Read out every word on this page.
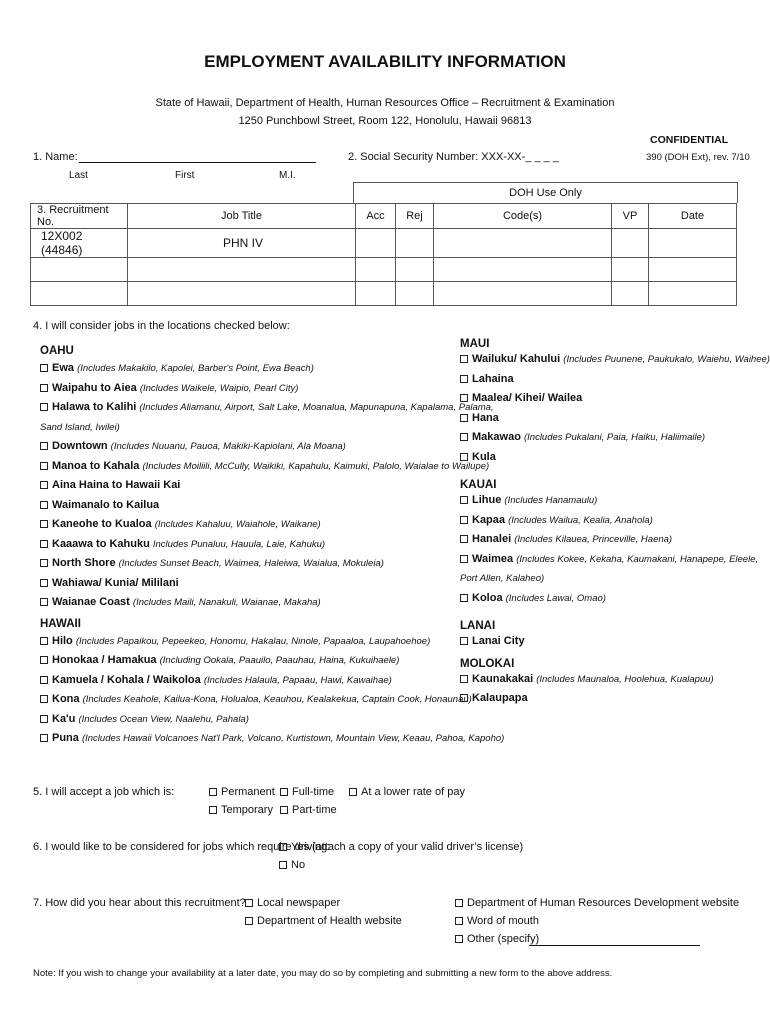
EMPLOYMENT AVAILABILITY INFORMATION
State of Hawaii, Department of Health, Human Resources Office – Recruitment & Examination
1250 Punchbowl Street, Room 122, Honolulu, Hawaii 96813
CONFIDENTIAL
390 (DOH Ext), rev. 7/10
1. Name:
Last	First	M.I.
2. Social Security Number: XXX-XX-_ _ _ _
DOH Use Only
3. Recruitment No.	Job Title	Acc	Rej	Code(s)	VP	Date
12X002 (44846)	PHN IV					

4. I will consider jobs in the locations checked below:
OAHU
Ewa (Includes Makakilo, Kapolei, Barber's Point, Ewa Beach)
Waipahu to Aiea (Includes Waikele, Waipio, Pearl City)
Halawa to Kalihi (Includes Aliamanu, Airport, Salt Lake, Moanalua, Mapunapuna, Kapalama, Palama,
Sand Island, Iwilei)
Downtown (Includes Nuuanu, Pauoa, Makiki-Kapiolani, Ala Moana)
Manoa to Kahala (Includes Moiliili, McCully, Waikiki, Kapahulu, Kaimuki, Palolo, Waialae to Wailupe)
Aina Haina to Hawaii Kai
Waimanalo to Kailua
Kaneohe to Kualoa (Includes Kahaluu, Waiahole, Waikane)
Kaaawa to Kahuku Includes Punaluu, Hauula, Laie, Kahuku)
North Shore (Includes Sunset Beach, Waimea, Haleiwa, Waialua, Mokuleia)
Wahiawa/ Kunia/ Mililani
Waianae Coast (Includes Maili, Nanakuli, Waianae, Makaha)
HAWAII
Hilo (Includes Papaikou, Pepeekeo, Honomu, Hakalau, Ninole, Papaaloa, Laupahoehoe)
Honokaa / Hamakua (Including Ookala, Paauilo, Paauhau, Haina, Kukuihaele)
Kamuela / Kohala / Waikoloa (Includes Halaula, Papaau, Hawi, Kawaihae)
Kona (Includes Keahole, Kailua-Kona, Holualoa, Keauhou, Kealakekua, Captain Cook, Honaunau)
Ka'u (Includes Ocean View, Naalehu, Pahala)
Puna (Includes Hawaii Volcanoes Nat'l Park, Volcano, Kurtistown, Mountain View, Keaau, Pahoa, Kapoho)
MAUI
Wailuku/ Kahului (Includes Puunene, Paukukalo, Waiehu, Waihee)
Lahaina
Maalea/ Kihei/ Wailea
Hana
Makawao (Includes Pukalani, Paia, Haiku, Haliimaile)
Kula
KAUAI
Lihue (Includes Hanamaulu)
Kapaa (Includes Wailua, Kealia, Anahola)
Hanalei (Includes Kilauea, Princeville, Haena)
Waimea (Includes Kokee, Kekaha, Kaumakani, Hanapepe, Eleele,
Port Allen, Kalaheo)
Koloa (Includes Lawai, Omao)
LANAI
Lanai City
MOLOKAI
Kaunakakai (Includes Maunaloa, Hoolehua, Kualapuu)
Kalaupapa
5. I will accept a job which is:	Permanent
Temporary
Full-time
Part-time
At a lower rate of pay
6. I would like to be considered for jobs which require driving:
Yes (attach a copy of your valid driver’s license)
No
7. How did you hear about this recruitment?	Local newspaper
Department of Health website
Department of Human Resources Development website
Word of mouth
Other (specify)
Note: If you wish to change your availability at a later date, you may do so by completing and submitting a new form to the above address.
